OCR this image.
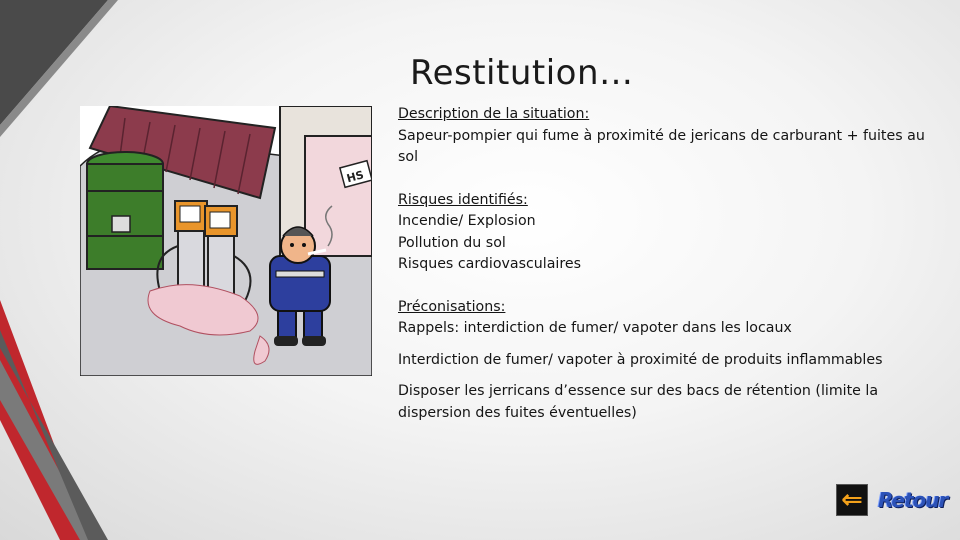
Restitution…
HS

Description de la situation:

Sapeur-pompier qui fume à proximité de jericans de carburant + fuites au sol

Risques identifiés:

Incendie/ Explosion

Pollution du sol

Risques cardiovasculaires

Préconisations:

Rappels: interdiction de fumer/ vapoter dans les locaux

Interdiction de fumer/ vapoter à proximité de produits inflammables

Disposer les jerricans d’essence sur des bacs de rétention (limite la dispersion des fuites éventuelles)

⇐ Retour
